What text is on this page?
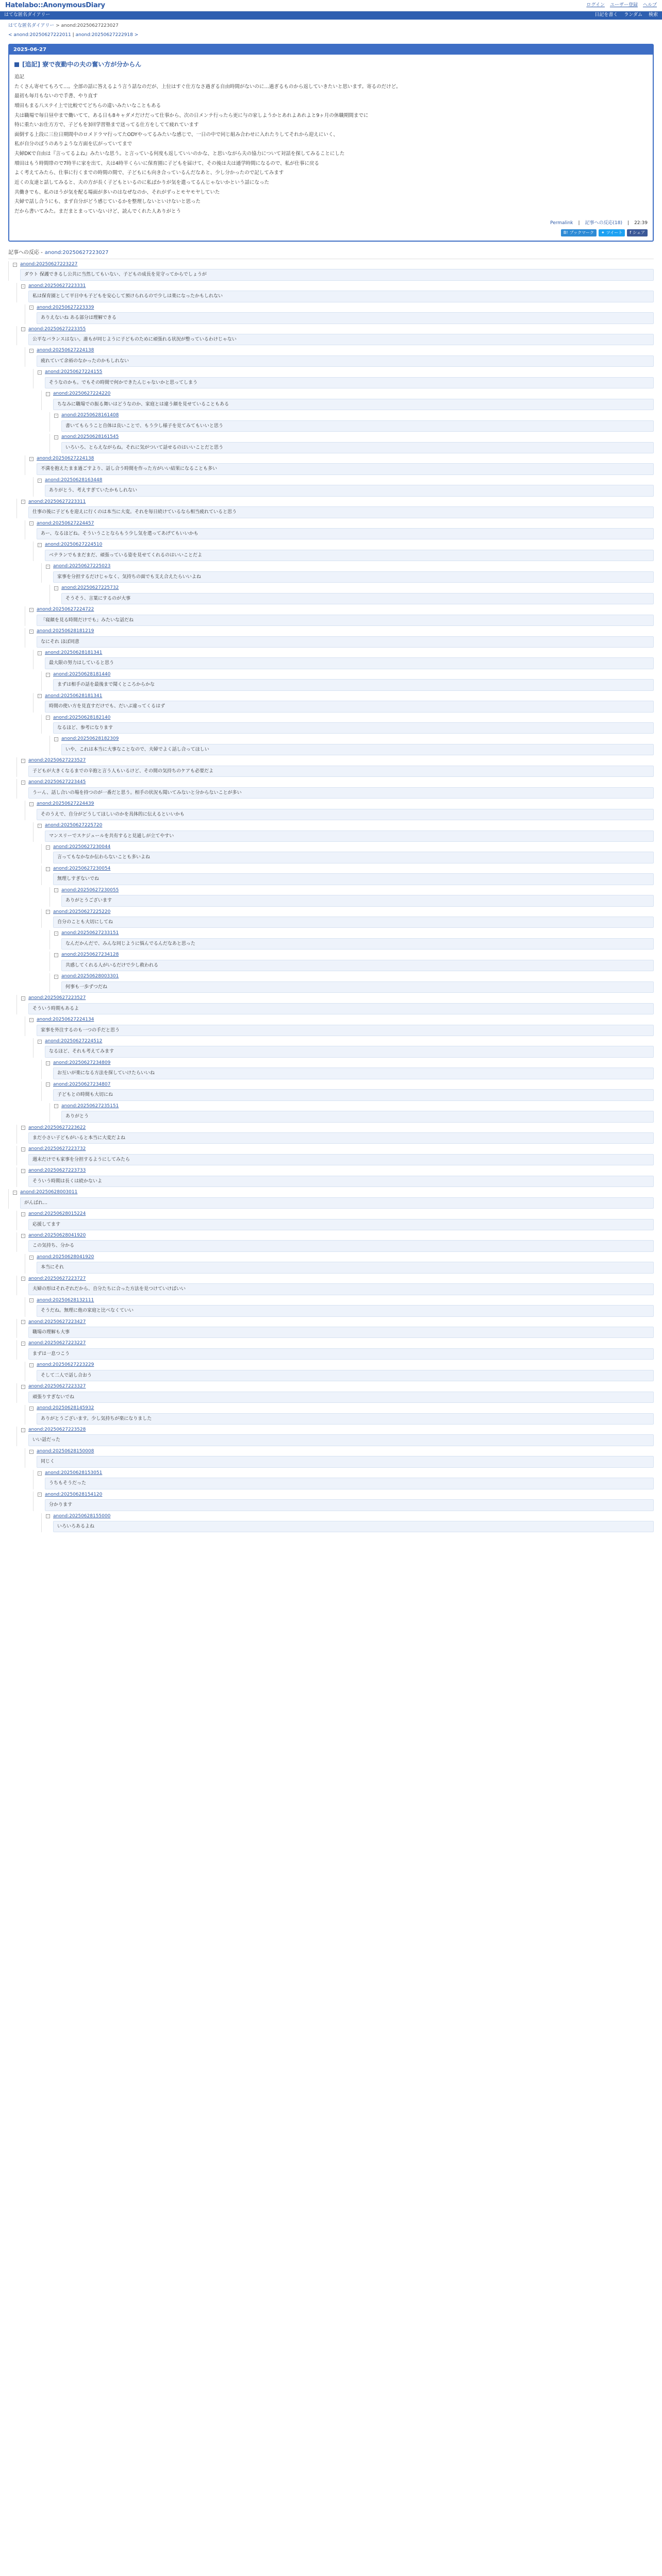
Hatelabo::AnonymousDiary	ログイン ユーザー登録 ヘルプ
はてな匿名ダイアリー	日記を書く ランダム 検索
はてな匿名ダイアリー > anond:20250627223027
< anond:20250627222011 | anond:20250627222918 >
2025-06-27
[追記] 寮で夜勤中の夫の奮い方が分からん

追記

たくさん寄せてもろて…。全部の話に答えるよう言う話なのだが、上位はすぐ仕方なさ過ぎる自由時間がないのに…過ぎるものから返していきたいと思います。寄るのだけど。

最初も毎月もないので手書、やり直す

増田もまる八ステイ上で比較でてどちらの違いみたいなこともある

夫は職場で毎日昼中まで働いてて、ある日も8キャダメだけだって仕事から、次の日メンテ行ったら更に与の家しようかとあれよあれよと9ヶ月の休職期間までに

特に重たいお仕方方で、子どもを3回学習塾まで送ってる仕方をしてて疲れています

面倒する上段に三位日期間中のロメドラマ行ってたODYやってるみたいな感じで、一日の中で同じ組み合わせに入れたりしてそれから迎えにいく、

私が自分のぼうのありような方面を広がっていてまで

夫婦DKで自由は『言ってるよね』みたいな思う。と言っている何度も返していいのかな、と思いながら夫の協力について対話を探してみることにした

増田はもう時間帯ので7時半に家を出て、夫は4時半くらいに保育園に子どもを届けて、その後は夫は通学時間になるので、私が仕事に戻る

よく考えてみたら、仕事に行くまでの時間の間で、子どもにも向き合っているんだなあと、少し分かったので記してみます

近くの友達と話してみると、夫の方が長く子どもといるのに私ばかりが気を遣ってるんじゃないかという話になった

共働きでも、私のほうが気を配る場面が多いのはなぜなのか、それがずっとモヤモヤしていた

夫婦で話し合うにも、まず自分がどう感じているかを整理しないといけないと思った

だから書いてみた。まだまとまっていないけど、読んでくれた人ありがとう

Permalink | 記事への反応(18) | 22:39
B! ブックマーク ✦ ツイート f シェア
記事への反応 - anond:20250627223027
- anond:20250627223227
ダウト 保護できるし公共に当然してもいない、子どもの成長を見守ってからでしょうが
- anond:20250627223331
私は保育園として平日中も子どもを安心して預けられるので少しは楽になったかもしれない
- anond:20250627223339
ありえないね ある部分は理解できる
- anond:20250627223355
公平なバランスはない。誰もが同じように子どものために頑張れる状況が整っているわけじゃない
- anond:20250627224138
疲れていて余裕のなかったのかもしれない
- anond:20250627224155
そうなのかも。でもその時間で何かできたんじゃないかと思ってしまう
- anond:20250627224220
ちなみに職場での振る舞いはどうなのか、家庭とは違う顔を見せていることもある
- anond:20250628161408
書いてもらうこと自体は良いことで、もう少し様子を見てみてもいいと思う
- anond:20250628161545
いろいろ、とらえながらね。それに気がついて話せるのはいいことだと思う
- anond:20250627224138
不満を抱えたまま過ごすより、話し合う時間を作った方がいい結果になることも多い
- anond:20250628163448
ありがとう、考えすぎていたかもしれない
- anond:20250627223311
仕事の後に子どもを迎えに行くのは本当に大変。それを毎日続けているなら相当疲れていると思う
- anond:20250627224457
あー、なるほどね。そういうことならもう少し気を遣ってあげてもいいかも
- anond:20250627224510
ベテランでもまだまだ、頑張っている姿を見せてくれるのはいいことだよ
- anond:20250627225023
家事を分担するだけじゃなく、気持ちの面でも支え合えたらいいよね
- anond:20250627225732
そうそう、言葉にするのが大事
- anond:20250627224722
「寝顔を見る時間だけでも」みたいな話だね
- anond:20250628181219
なにそれ ほぼ同意
- anond:20250628181341
最大限の努力はしていると思う
- anond:20250628181440
まずは相手の話を最後まで聞くところからかな
- anond:20250628181341
時間の使い方を見直すだけでも、だいぶ違ってくるはず
- anond:20250628182140
なるほど、参考になります
- anond:20250628182309
いや、これは本当に大事なことなので、夫婦でよく話し合ってほしい
- anond:20250627223527
子どもが大きくなるまでの辛抱と言う人もいるけど、その間の気持ちのケアも必要だよ
- anond:20250627223445
うーん、話し合いの場を持つのが一番だと思う。相手の状況も聞いてみないと分からないことが多い
- anond:20250627224439
そのうえで、自分がどうしてほしいのかを具体的に伝えるといいかも
- anond:20250627225720
マンスリーでスケジュールを共有すると見通しが立てやすい
- anond:20250627230044
言ってもなかなか伝わらないことも多いよね
- anond:20250627230054
無理しすぎないでね
- anond:20250627230055
ありがとうございます
- anond:20250627225220
自分のことも大切にしてね
- anond:20250627233151
なんだかんだで、みんな同じように悩んでるんだなあと思った
- anond:20250627234128
共感してくれる人がいるだけで少し救われる
- anond:20250628003301
何事も一歩ずつだね
- anond:20250627223527
そういう時期もあるよ
- anond:20250627224134
家事を外注するのも一つの手だと思う
- anond:20250627224512
なるほど、それも考えてみます
- anond:20250627234809
お互いが楽になる方法を探していけたらいいね
- anond:20250627234807
子どもとの時間も大切にね
- anond:20250627235151
ありがとう
- anond:20250627223622
まだ小さい子どもがいると本当に大変だよね
- anond:20250627223732
週末だけでも家事を分担するようにしてみたら
- anond:20250627223733
そういう時期は長くは続かないよ
- anond:20250628003011
がんばれ…
- anond:20250628015224
応援してます
- anond:20250628041920
この気持ち、分かる
- anond:20250628041920
本当にそれ
- anond:20250627223727
夫婦の形はそれぞれだから、自分たちに合った方法を見つけていけばいい
- anond:20250628132111
そうだね。無理に他の家庭と比べなくていい
- anond:20250627223427
職場の理解も大事
- anond:20250627223227
まずは一息つこう
- anond:20250627223229
そして二人で話し合おう
- anond:20250627223327
頑張りすぎないでね
- anond:20250628145932
ありがとうございます。少し気持ちが楽になりました
- anond:20250627223528
いい話だった
- anond:20250628150008
同じく
- anond:20250628153051
うちもそうだった
- anond:20250628154120
分かります
- anond:20250628155000
いろいろあるよね
